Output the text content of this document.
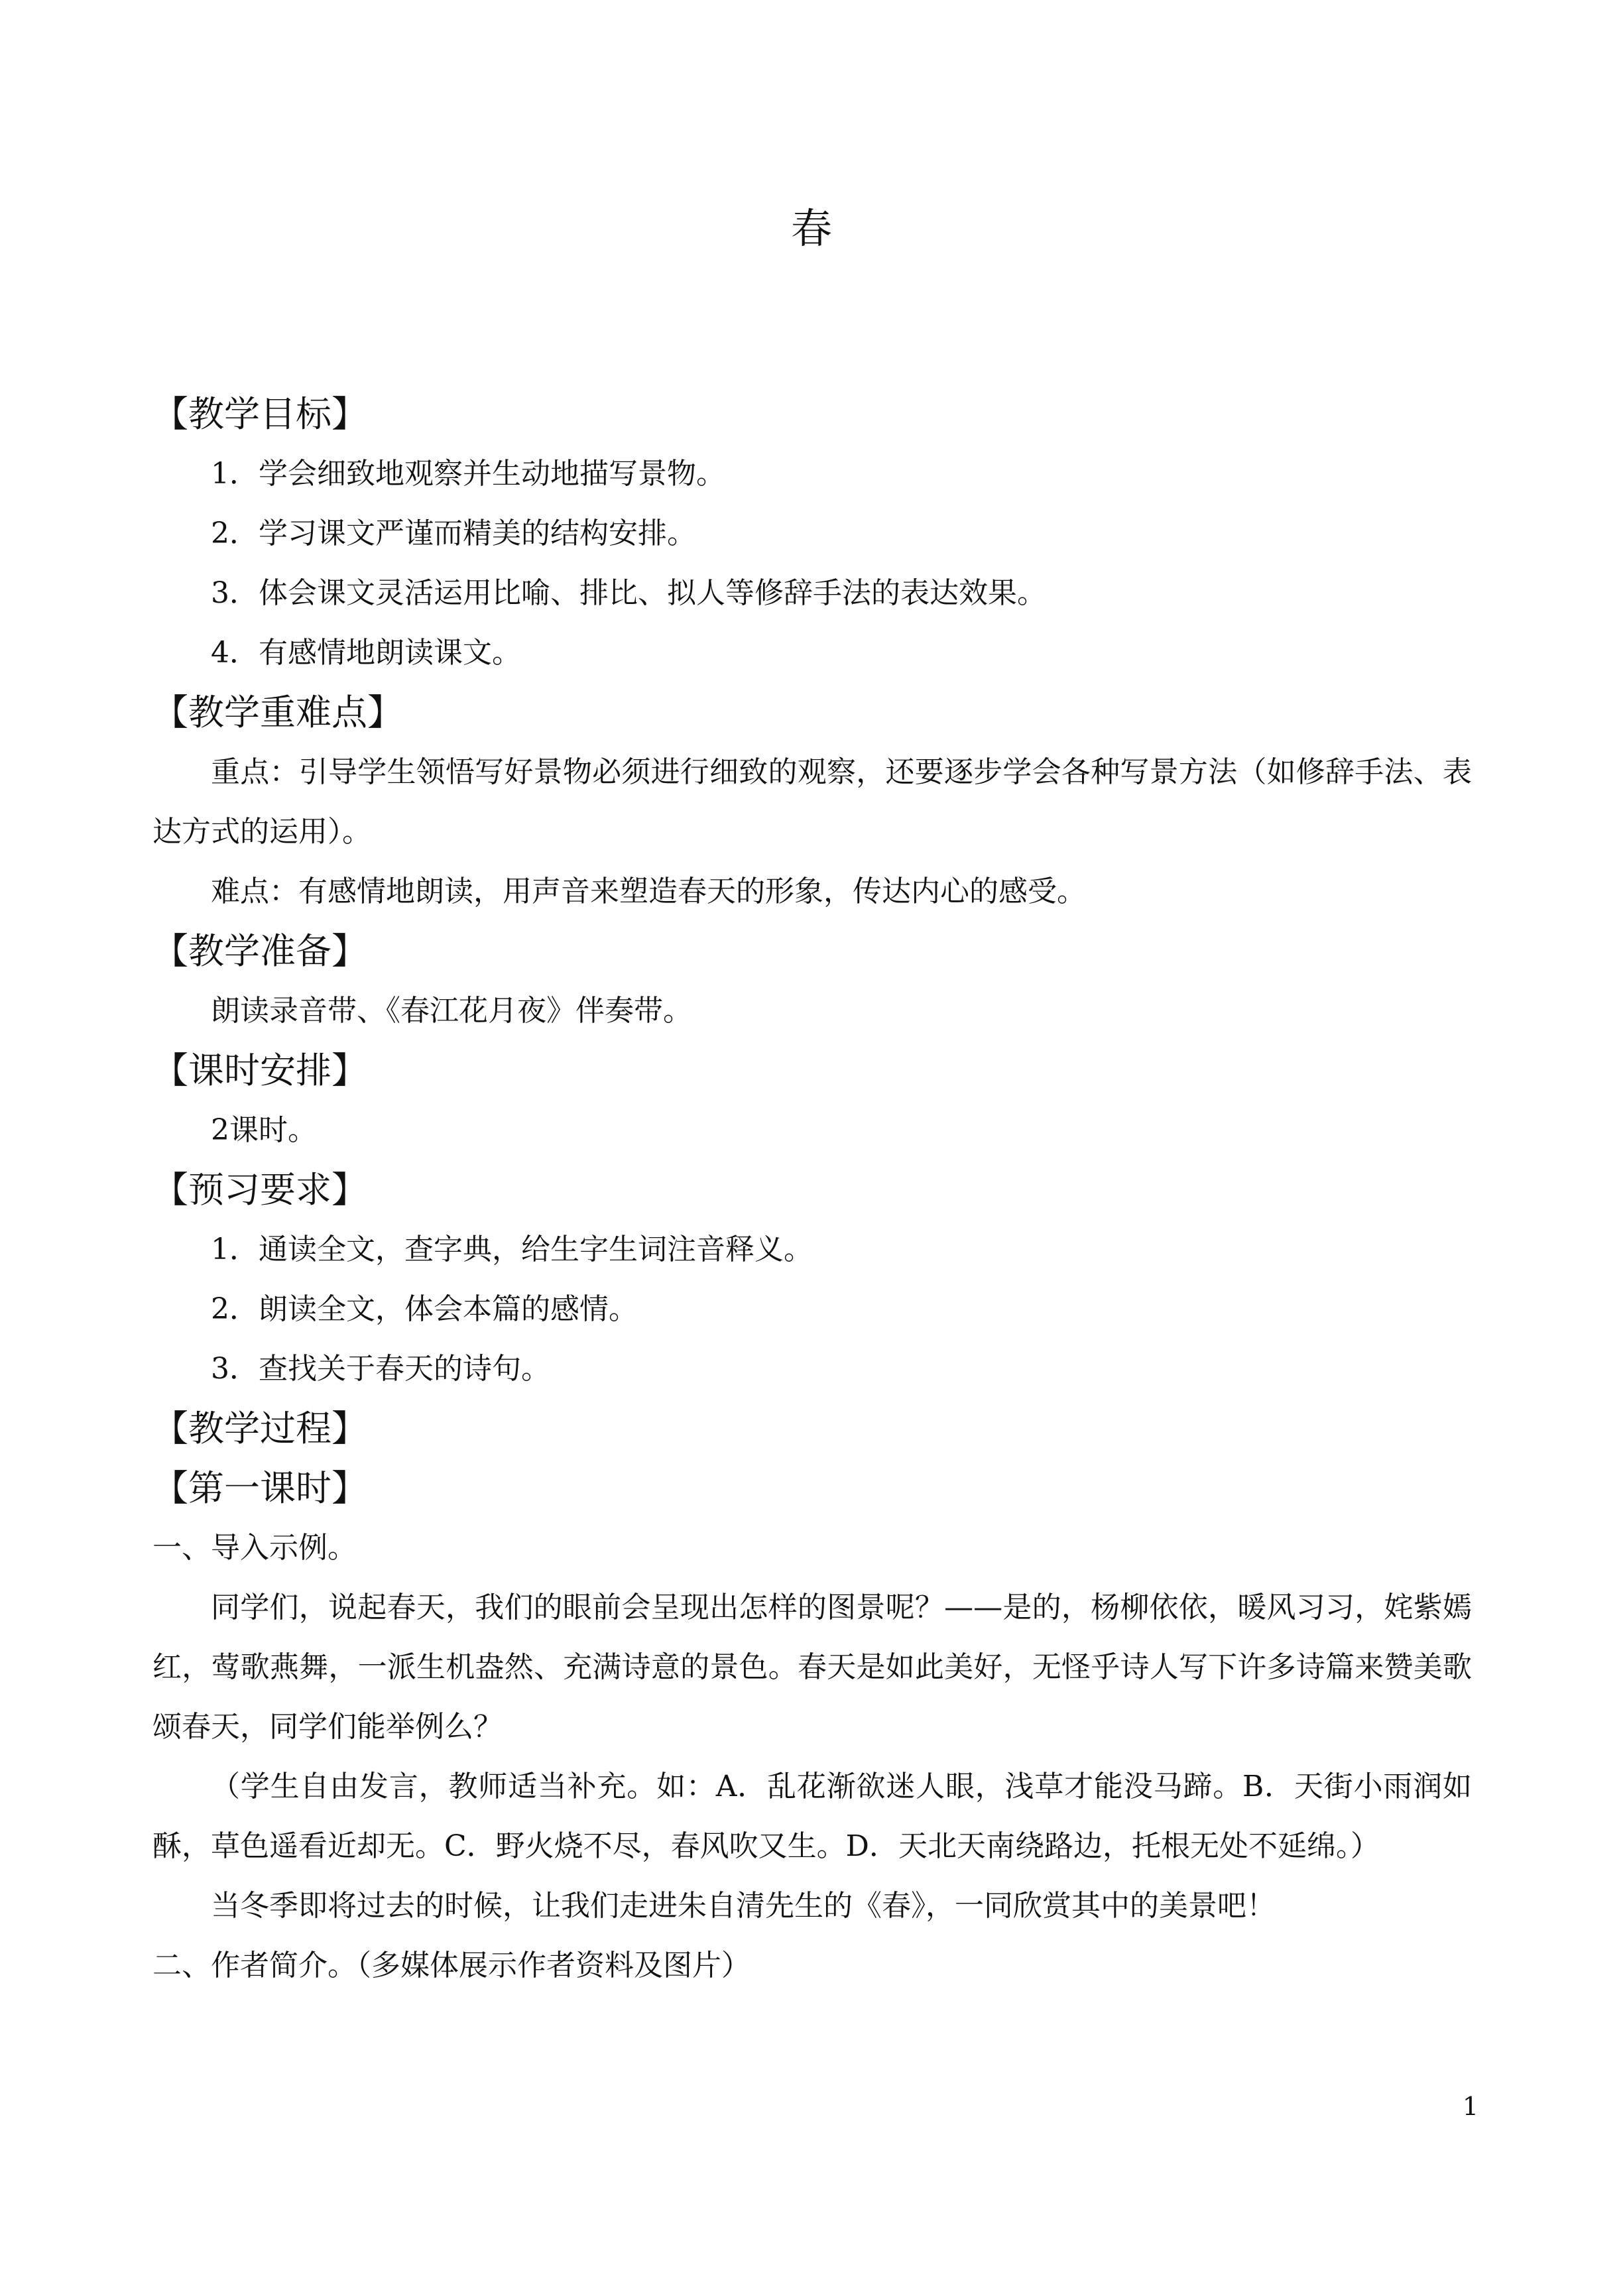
春
【教学目标】

1．学会细致地观察并生动地描写景物。

2．学习课文严谨而精美的结构安排。

3．体会课文灵活运用比喻、排比、拟人等修辞手法的表达效果。

4．有感情地朗读课文。

【教学重难点】

重点：引导学生领悟写好景物必须进行细致的观察，还要逐步学会各种写景方法（如修辞手法、表达方式的运用）。

难点：有感情地朗读，用声音来塑造春天的形象，传达内心的感受。

【教学准备】

朗读录音带、《春江花月夜》伴奏带。

【课时安排】

2课时。

【预习要求】

1．通读全文，查字典，给生字生词注音释义。

2．朗读全文，体会本篇的感情。

3．查找关于春天的诗句。

【教学过程】
【第一课时】

一、导入示例。

同学们，说起春天，我们的眼前会呈现出怎样的图景呢？——是的，杨柳依依，暖风习习，姹紫嫣红，莺歌燕舞，一派生机盎然、充满诗意的景色。春天是如此美好，无怪乎诗人写下许多诗篇来赞美歌颂春天，同学们能举例么？

（学生自由发言，教师适当补充。如：A．乱花渐欲迷人眼，浅草才能没马蹄。B．天街小雨润如酥，草色遥看近却无。C．野火烧不尽，春风吹又生。D．天北天南绕路边，托根无处不延绵。）

当冬季即将过去的时候，让我们走进朱自清先生的《春》，一同欣赏其中的美景吧！

二、作者简介。（多媒体展示作者资料及图片）

1
